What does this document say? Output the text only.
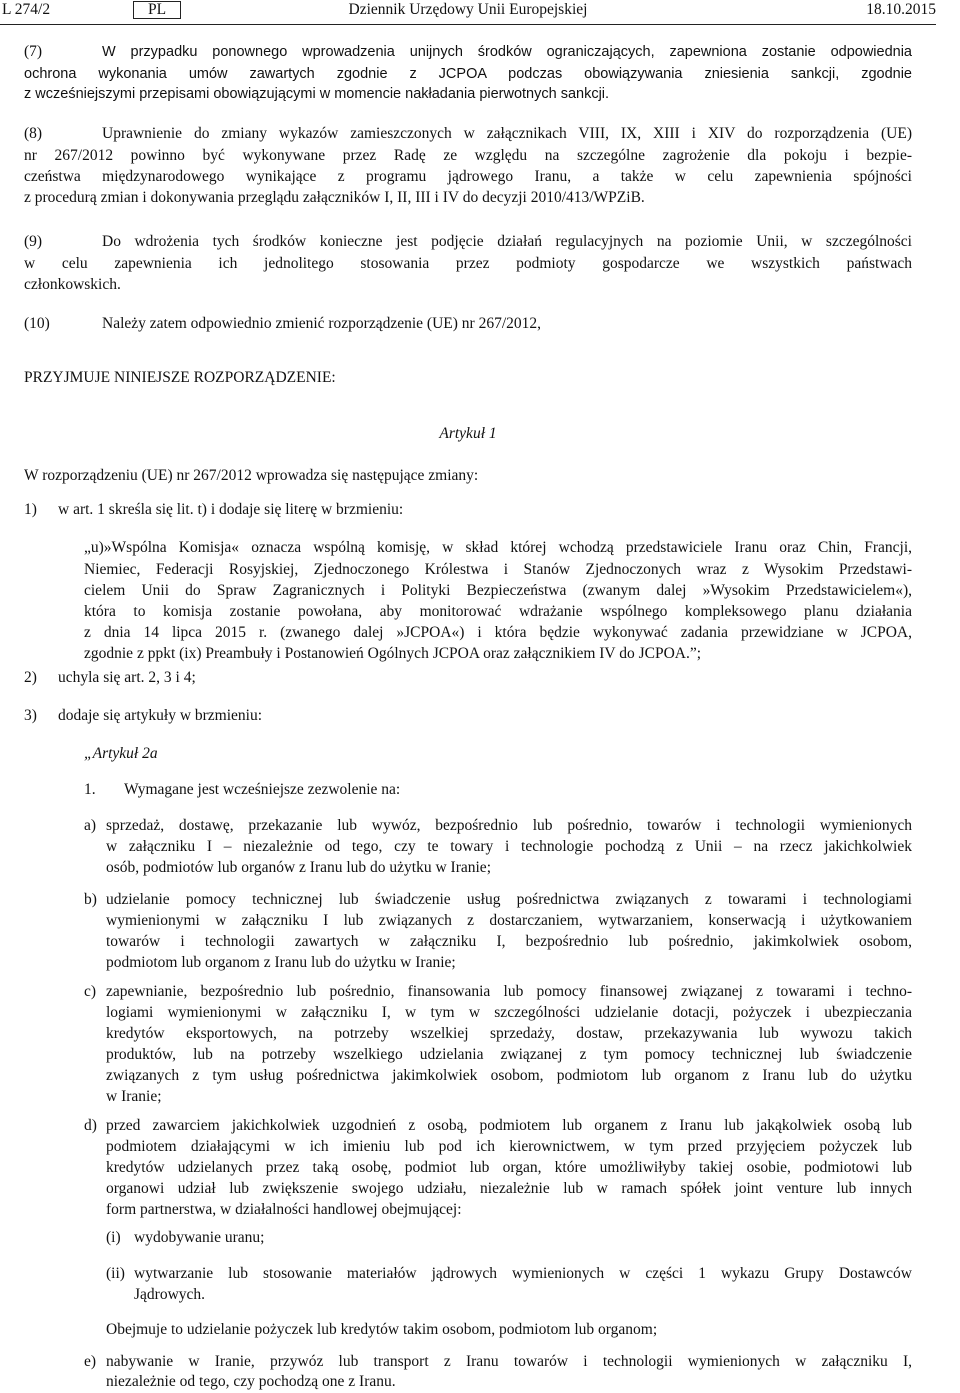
L 274/2	PL	Dziennik Urzędowy Unii Europejskiej	18.10.2015
(7)	W przypadku ponownego wprowadzenia unijnych środków ograniczających, zapewniona zostanie odpowiednia
ochrona wykonania umów zawartych zgodnie z JCPOA podczas obowiązywania zniesienia sankcji, zgodnie
z wcześniejszymi przepisami obowiązującymi w momencie nakładania pierwotnych sankcji.
(8)	Uprawnienie do zmiany wykazów zamieszczonych w załącznikach VIII, IX, XIII i XIV do rozporządzenia (UE)
nr 267/2012 powinno być wykonywane przez Radę ze względu na szczególne zagrożenie dla pokoju i bezpie-
czeństwa międzynarodowego wynikające z programu jądrowego Iranu, a także w celu zapewnienia spójności
z procedurą zmian i dokonywania przeglądu załączników I, II, III i IV do decyzji 2010/413/WPZiB.
(9)	Do wdrożenia tych środków konieczne jest podjęcie działań regulacyjnych na poziomie Unii, w szczególności
w celu zapewnienia ich jednolitego stosowania przez podmioty gospodarcze we wszystkich państwach
członkowskich.
(10)	Należy zatem odpowiednio zmienić rozporządzenie (UE) nr 267/2012,
PRZYJMUJE NINIEJSZE ROZPORZĄDZENIE:
Artykuł 1
W rozporządzeniu (UE) nr 267/2012 wprowadza się następujące zmiany:
1) w art. 1 skreśla się lit. t) i dodaje się literę w brzmieniu:
„u)»Wspólna Komisja« oznacza wspólną komisję, w skład której wchodzą przedstawiciele Iranu oraz Chin, Francji,
Niemiec, Federacji Rosyjskiej, Zjednoczonego Królestwa i Stanów Zjednoczonych wraz z Wysokim Przedstawi-
cielem Unii do Spraw Zagranicznych i Polityki Bezpieczeństwa (zwanym dalej »Wysokim Przedstawicielem«),
która to komisja zostanie powołana, aby monitorować wdrażanie wspólnego kompleksowego planu działania
z dnia 14 lipca 2015 r. (zwanego dalej »JCPOA«) i która będzie wykonywać zadania przewidziane w JCPOA,
zgodnie z ppkt (ix) Preambuły i Postanowień Ogólnych JCPOA oraz załącznikiem IV do JCPOA.”;
2) uchyla się art. 2, 3 i 4;
3) dodaje się artykuły w brzmieniu:
„Artykuł 2a
1. Wymagane jest wcześniejsze zezwolenie na:
a) sprzedaż, dostawę, przekazanie lub wywóz, bezpośrednio lub pośrednio, towarów i technologii wymienionych
w załączniku I – niezależnie od tego, czy te towary i technologie pochodzą z Unii – na rzecz jakichkolwiek
osób, podmiotów lub organów z Iranu lub do użytku w Iranie;
b) udzielanie pomocy technicznej lub świadczenie usług pośrednictwa związanych z towarami i technologiami
wymienionymi w załączniku I lub związanych z dostarczaniem, wytwarzaniem, konserwacją i użytkowaniem
towarów i technologii zawartych w załączniku I, bezpośrednio lub pośrednio, jakimkolwiek osobom,
podmiotom lub organom z Iranu lub do użytku w Iranie;
c) zapewnianie, bezpośrednio lub pośrednio, finansowania lub pomocy finansowej związanej z towarami i techno-
logiami wymienionymi w załączniku I, w tym w szczególności udzielanie dotacji, pożyczek i ubezpieczania
kredytów eksportowych, na potrzeby wszelkiej sprzedaży, dostaw, przekazywania lub wywozu takich
produktów, lub na potrzeby wszelkiego udzielania związanej z tym pomocy technicznej lub świadczenie
związanych z tym usług pośrednictwa jakimkolwiek osobom, podmiotom lub organom z Iranu lub do użytku
w Iranie;
d) przed zawarciem jakichkolwiek uzgodnień z osobą, podmiotem lub organem z Iranu lub jakąkolwiek osobą lub
podmiotem działającymi w ich imieniu lub pod ich kierownictwem, w tym przed przyjęciem pożyczek lub
kredytów udzielanych przez taką osobę, podmiot lub organ, które umożliwiłyby takiej osobie, podmiotowi lub
organowi udział lub zwiększenie swojego udziału, niezależnie lub w ramach spółek joint venture lub innych
form partnerstwa, w działalności handlowej obejmującej:
(i) wydobywanie uranu;
(ii) wytwarzanie lub stosowanie materiałów jądrowych wymienionych w części 1 wykazu Grupy Dostawców
Jądrowych.
Obejmuje to udzielanie pożyczek lub kredytów takim osobom, podmiotom lub organom;
e) nabywanie w Iranie, przywóz lub transport z Iranu towarów i technologii wymienionych w załączniku I,
niezależnie od tego, czy pochodzą one z Iranu.
